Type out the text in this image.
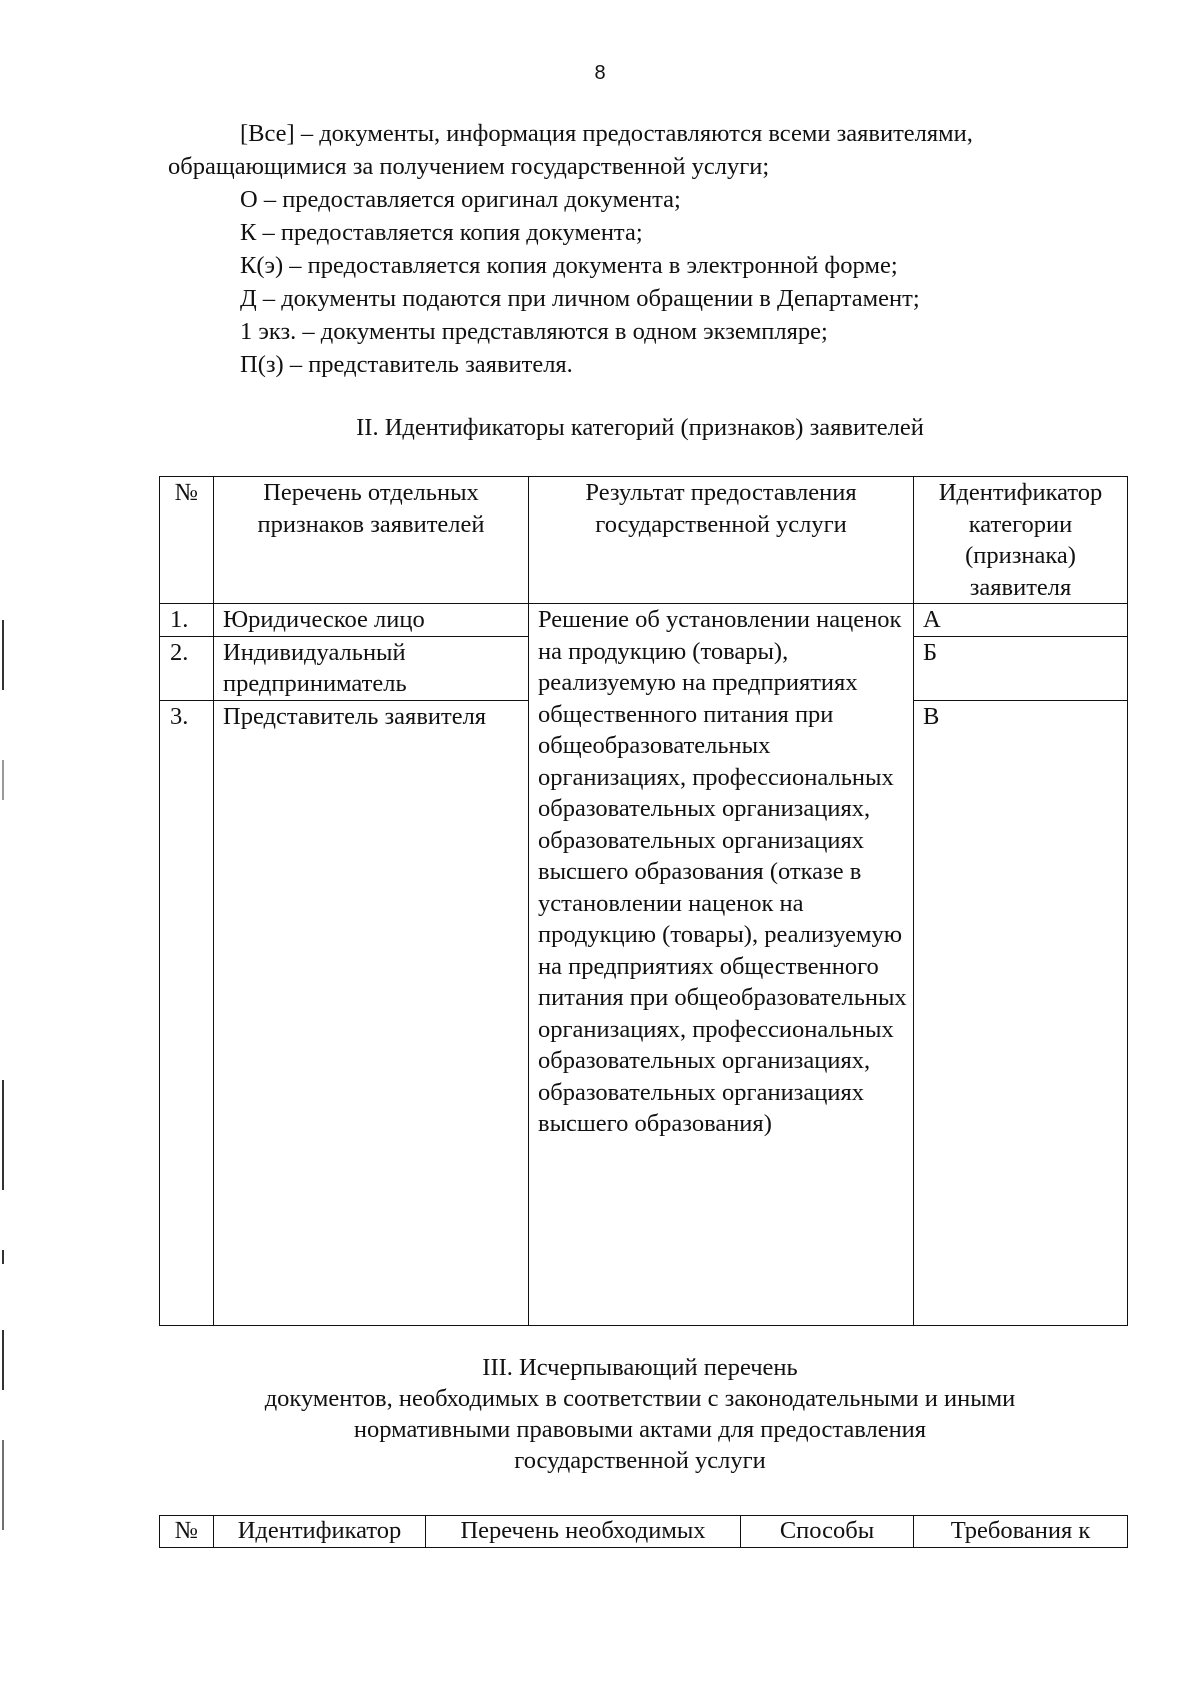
8

[Все] – документы, информация предоставляются всеми заявителями,

обращающимися за получением государственной услуги;

О – предоставляется оригинал документа;

К – предоставляется копия документа;

К(э) – предоставляется копия документа в электронной форме;

Д – документы подаются при личном обращении в Департамент;

1 экз. – документы представляются в одном экземпляре;

П(з) – представитель заявителя.

II. Идентификаторы категорий (признаков) заявителей
№	Перечень отдельных признаков заявителей	Результат предоставления государственной услуги	Идентификатор категории (признака) заявителя
1.	Юридическое лицо	Решение об установлении наценок на продукцию (товары), реализуемую на предприятиях общественного питания при общеобразовательных организациях, профессиональных образовательных организациях, образовательных организациях высшего образования (отказе в установлении наценок на продукцию (товары), реализуемую на предприятиях общественного питания при общеобразовательных организациях, профессиональных образовательных организациях, образовательных организациях высшего образования)	А
2.	Индивидуальный предприниматель		Б
3.	Представитель заявителя		В
III. Исчерпывающий перечень
документов, необходимых в соответствии с законодательными и иными
нормативными правовыми актами для предоставления
государственной услуги
№	Идентификатор	Перечень необходимых	Способы	Требования к
